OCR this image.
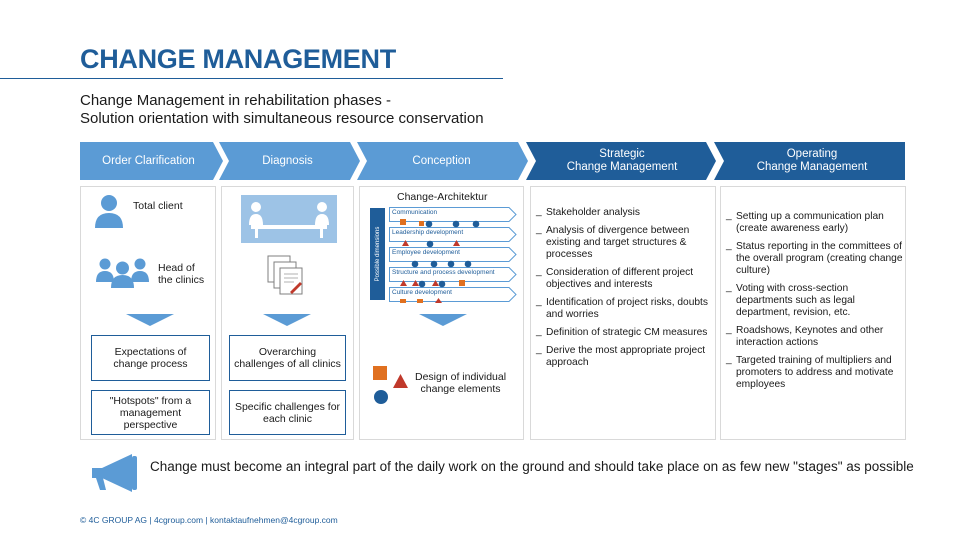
CHANGE MANAGEMENT
Change Management in rehabilitation phases -
Solution orientation with simultaneous resource conservation
Order Clarification	Diagnosis	Conception
Strategic
Change Management
Operating
Change Management
Total client
Head of
the clinics
Expectations of change process
"Hotspots" from a management perspective
Overarching challenges of all clinics
Specific challenges for each clinic
Change-Architektur
Possible dimensions
Communication
Leadership development
Employee development
Structure and process development
Culture development
Design of individual
change elements
_ Stakeholder analysis
_ Analysis of divergence between existing and target structures & processes
_ Consideration of different project objectives and interests
_ Identification of project risks, doubts and worries
_ Definition of strategic CM measures
_ Derive the most appropriate project approach
_ Setting up a communication plan (create awareness early)
_ Status reporting in the committees of the overall program (creating change culture)
_ Voting with cross-section departments such as legal department, revision, etc.
_ Roadshows, Keynotes and other interaction actions
_ Targeted training of multipliers and promoters to address and motivate employees
Change must become an integral part of the daily work on the ground and should take place on as few new "stages" as possible
© 4C GROUP AG | 4cgroup.com | kontaktaufnehmen@4cgroup.com
